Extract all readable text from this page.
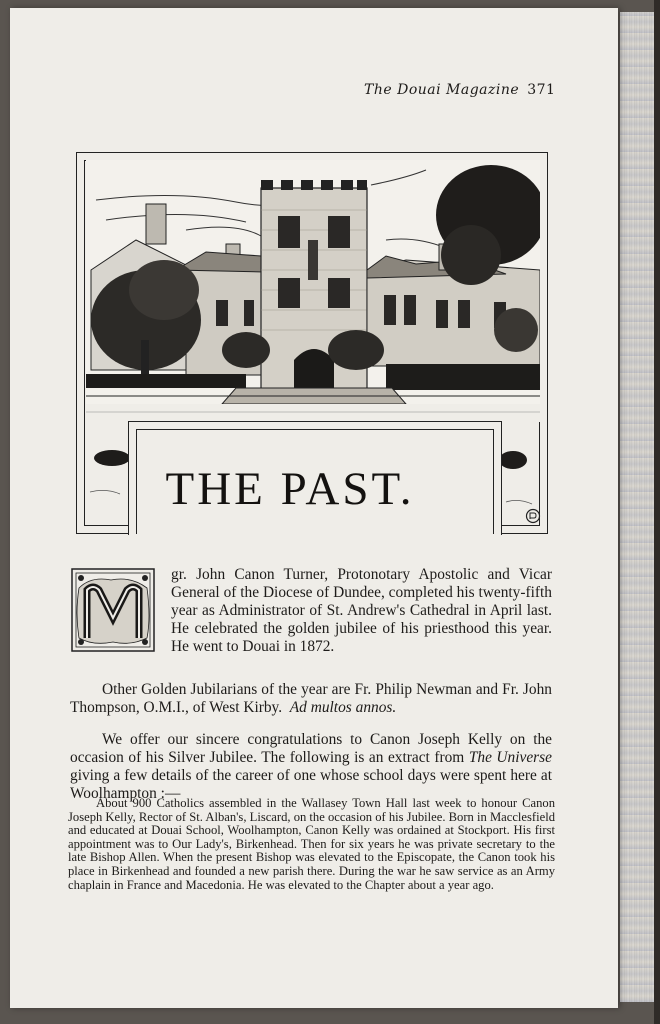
The Douai Magazine 371
THE PAST.
gr. John Canon Turner, Protonotary Apostolic and Vicar General of the Diocese of Dundee, completed his twenty-fifth year as Administrator of St. Andrew's Cathedral in April last. He celebrated the golden jubilee of his priesthood this year. He went to Douai in 1872.
Other Golden Jubilarians of the year are Fr. Philip Newman and Fr. John Thompson, O.M.I., of West Kirby. Ad multos annos.
We offer our sincere congratulations to Canon Joseph Kelly on the occasion of his Silver Jubilee. The following is an extract from The Universe giving a few details of the career of one whose school days were spent here at Woolhampton :—
About 900 Catholics assembled in the Wallasey Town Hall last week to honour Canon Joseph Kelly, Rector of St. Alban's, Liscard, on the occasion of his Jubilee. Born in Macclesfield and educated at Douai School, Woolhampton, Canon Kelly was ordained at Stockport. His first appointment was to Our Lady's, Birkenhead. Then for six years he was private secretary to the late Bishop Allen. When the present Bishop was elevated to the Episcopate, the Canon took his place in Birkenhead and founded a new parish there. During the war he saw service as an Army chaplain in France and Macedonia. He was elevated to the Chapter about a year ago.
